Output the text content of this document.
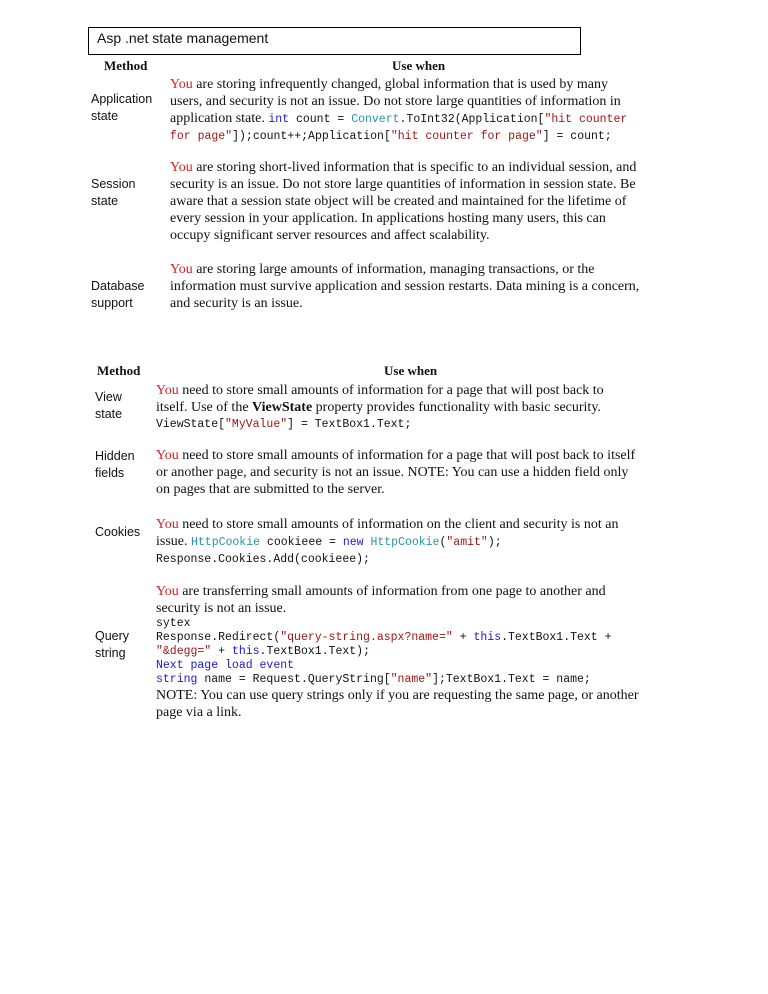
Asp .net state management
Method	Use when
Application
state
You are storing infrequently changed, global information that is used by many
users, and security is not an issue. Do not store large quantities of information in
application state. int count = Convert.ToInt32(Application["hit counter
for page"]);count++;Application["hit counter for page"] = count;
Session
state
You are storing short-lived information that is specific to an individual session, and
security is an issue. Do not store large quantities of information in session state. Be
aware that a session state object will be created and maintained for the lifetime of
every session in your application. In applications hosting many users, this can
occupy significant server resources and affect scalability.
Database
support
You are storing large amounts of information, managing transactions, or the
information must survive application and session restarts. Data mining is a concern,
and security is an issue.
Method	Use when
View
state
You need to store small amounts of information for a page that will post back to
itself. Use of the ViewState property provides functionality with basic security.
ViewState["MyValue"] = TextBox1.Text;
Hidden
fields
You need to store small amounts of information for a page that will post back to itself
or another page, and security is not an issue. NOTE: You can use a hidden field only
on pages that are submitted to the server.
Cookies You need to store small amounts of information on the client and security is not an
issue. HttpCookie cookieee = new HttpCookie("amit");
Response.Cookies.Add(cookieee);
Query
string
You are transferring small amounts of information from one page to another and
security is not an issue.
sytex
Response.Redirect("query-string.aspx?name=" + this.TextBox1.Text +
"&degg=" + this.TextBox1.Text);
Next page load event
string name = Request.QueryString["name"];TextBox1.Text = name;
NOTE: You can use query strings only if you are requesting the same page, or another
page via a link.
